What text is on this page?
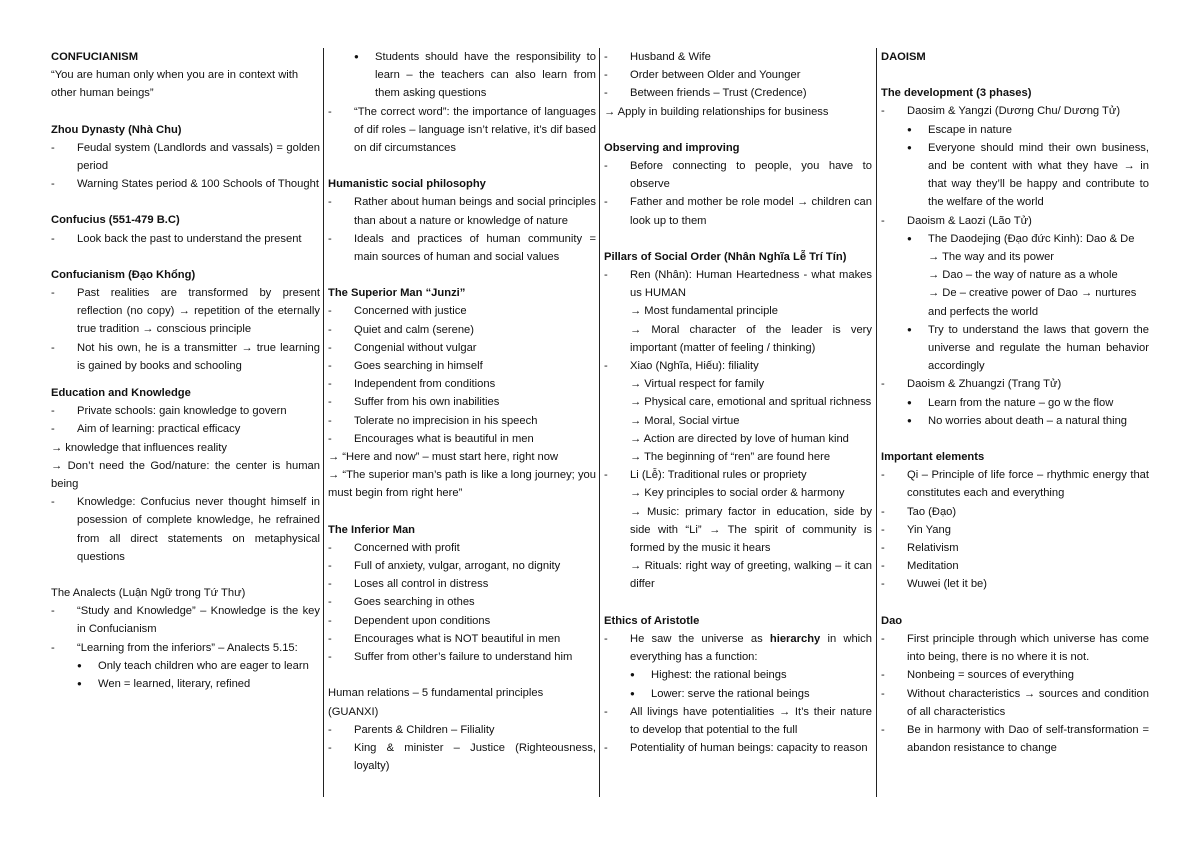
CONFUCIANISM

“You are human only when you are in context with other human beings”

Zhou Dynasty (Nhà Chu)

- Feudal system (Landlords and vassals) = golden period
- Warning States period & 100 Schools of Thought

Confucius (551-479 B.C)

- Look back the past to understand the present

Confucianism (Đạo Khổng)

- Past realities are transformed by present reflection (no copy) → repetition of the eternally true tradition → conscious principle
- Not his own, he is a transmitter → true learning is gained by books and schooling

Education and Knowledge

- Private schools: gain knowledge to govern
- Aim of learning: practical efficacy
→ knowledge that influences reality
→ Don’t need the God/nature: the center is human being
- Knowledge: Confucius never thought himself in posession of complete knowledge, he refrained from all direct statements on metaphysical questions

The Analects (Luận Ngữ trong Tứ Thư)

- “Study and Knowledge” – Knowledge is the key in Confucianism
- “Learning from the inferiors” – Analects 5.15:
● Only teach children who are eager to learn
● Wen = learned, literary, refined
● Students should have the responsibility to learn – the teachers can also learn from them asking questions
- “The correct word”: the importance of languages of dif roles – language isn’t relative, it’s dif based on dif circumstances

Humanistic social philosophy

- Rather about human beings and social principles than about a nature or knowledge of nature
- Ideals and practices of human community = main sources of human and social values

The Superior Man “Junzi”

- Concerned with justice
- Quiet and calm (serene)
- Congenial without vulgar
- Goes searching in himself
- Independent from conditions
- Suffer from his own inabilities
- Tolerate no imprecision in his speech
- Encourages what is beautiful in men
→ “Here and now” – must start here, right now
→ “The superior man’s path is like a long journey; you must begin from right here”

The Inferior Man

- Concerned with profit
- Full of anxiety, vulgar, arrogant, no dignity
- Loses all control in distress
- Goes searching in othes
- Dependent upon conditions
- Encourages what is NOT beautiful in men
- Suffer from other’s failure to understand him

Human relations – 5 fundamental principles (GUANXI)

- Parents & Children – Filiality
- King & minister – Justice (Righteousness, loyalty)
- Husband & Wife
- Order between Older and Younger
- Between friends – Trust (Credence)
→ Apply in building relationships for business

Observing and improving

- Before connecting to people, you have to observe
- Father and mother be role model → children can look up to them

Pillars of Social Order (Nhân Nghĩa Lễ Trí Tín)

- Ren (Nhân): Human Heartedness - what makes us HUMAN
→ Most fundamental principle
→ Moral character of the leader is very important (matter of feeling / thinking)
- Xiao (Nghĩa, Hiếu): filiality
→ Virtual respect for family
→ Physical care, emotional and spritual richness
→ Moral, Social virtue
→ Action are directed by love of human kind
→ The beginning of “ren” are found here
- Li (Lễ): Traditional rules or propriety
→ Key principles to social order & harmony
→ Music: primary factor in education, side by side with “Li” → The spirit of community is formed by the music it hears
→ Rituals: right way of greeting, walking – it can differ

Ethics of Aristotle

- He saw the universe as hierarchy in which everything has a function:
● Highest: the rational beings
● Lower: serve the rational beings
- All livings have potentialities → It’s their nature to develop that potential to the full
- Potentiality of human beings: capacity to reason

DAOISM

The development (3 phases)

- Daosim & Yangzi (Dương Chu/ Dương Tử)
● Escape in nature
● Everyone should mind their own business, and be content with what they have → in that way they’ll be happy and contribute to the welfare of the world
- Daoism & Laozi (Lão Tử)
● The Daodejing (Đạo đức Kinh): Dao & De
→ The way and its power
→ Dao – the way of nature as a whole
→ De – creative power of Dao → nurtures and perfects the world
● Try to understand the laws that govern the universe and regulate the human behavior accordingly
- Daoism & Zhuangzi (Trang Tử)
● Learn from the nature – go w the flow
● No worries about death – a natural thing

Important elements

- Qi – Principle of life force – rhythmic energy that constitutes each and everything
- Tao (Đạo)
- Yin Yang
- Relativism
- Meditation
- Wuwei (let it be)

Dao

- First principle through which universe has come into being, there is no where it is not.
- Nonbeing = sources of everything
- Without characteristics → sources and condition of all characteristics
- Be in harmony with Dao of self-transformation = abandon resistance to change
